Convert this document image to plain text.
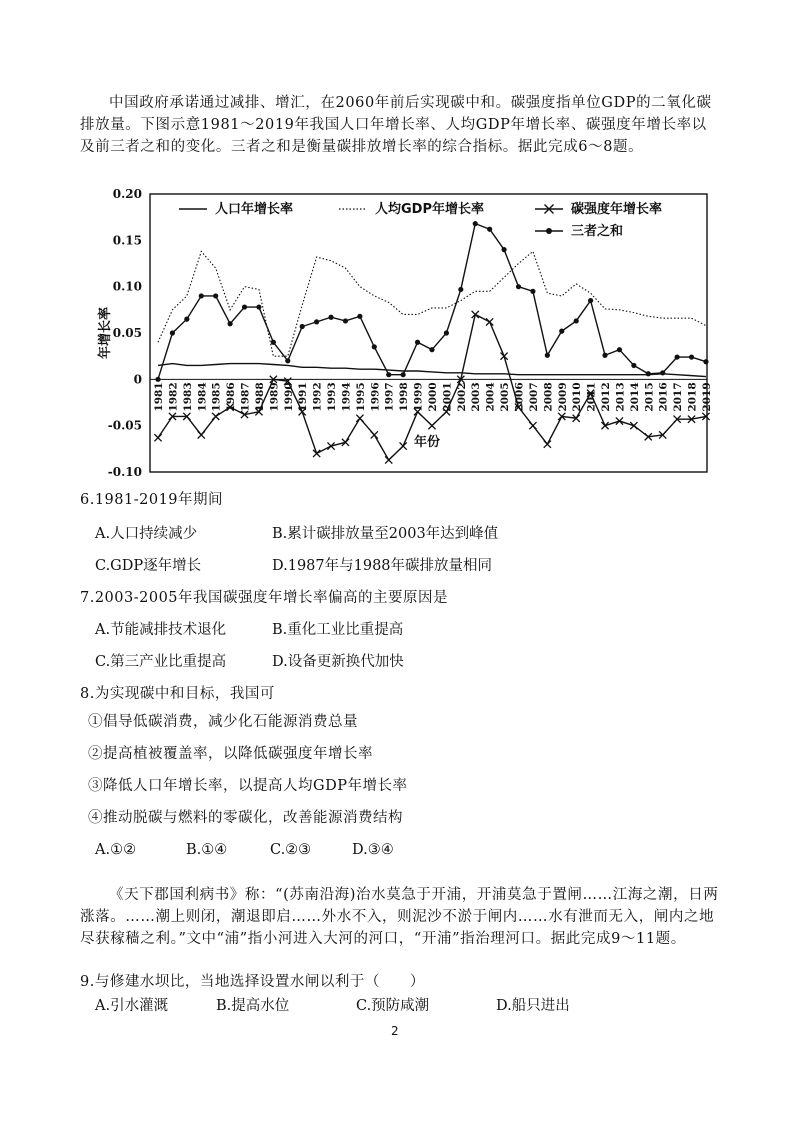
中国政府承诺通过减排、增汇，在2060年前后实现碳中和。碳强度指单位GDP的二氧化碳排放量。下图示意1981～2019年我国人口年增长率、人均GDP年增长率、碳强度年增长率以及前三者之和的变化。三者之和是衡量碳排放增长率的综合指标。据此完成6～8题。

0.20
0.15
0.10
0.05
0
-0.05
-0.10
1981 1982 1983 1984 1985 1986 1987 1988 1989 1990 1991 1992 1993 1994 1995 1996 1997 1998 1999 2000 2001 2002 2003 2004 2005 2006 2007 2008 2009 2010 2011 2012 2013 2014 2015 2016 2017 2018 2019
人口年增长率	人均GDP年增长率	碳强度年增长率
三者之和
年份
年增长率
6.1981-2019年期间
A.人口持续减少	B.累计碳排放量至2003年达到峰值
C.GDP逐年增长	D.1987年与1988年碳排放量相同
7.2003-2005年我国碳强度年增长率偏高的主要原因是
A.节能减排技术退化	B.重化工业比重提高
C.第三产业比重提高	D.设备更新换代加快
8.为实现碳中和目标，我国可
①倡导低碳消费，减少化石能源消费总量
②提高植被覆盖率，以降低碳强度年增长率
③降低人口年增长率，以提高人均GDP年增长率
④推动脱碳与燃料的零碳化，改善能源消费结构
A.①②	B.①④	C.②③	D.③④

《天下郡国利病书》称：“(苏南沿海)治水莫急于开浦，开浦莫急于置闸……江海之潮，日两涨落。……潮上则闭，潮退即启……外水不入，则泥沙不淤于闸内……水有泄而无入，闸内之地尽获稼穑之利。”文中“浦”指小河进入大河的河口，“开浦”指治理河口。据此完成9～11题。

9.与修建水坝比，当地选择设置水闸以利于（　　）
A.引水灌溉	B.提高水位	C.预防咸潮	D.船只进出
2
